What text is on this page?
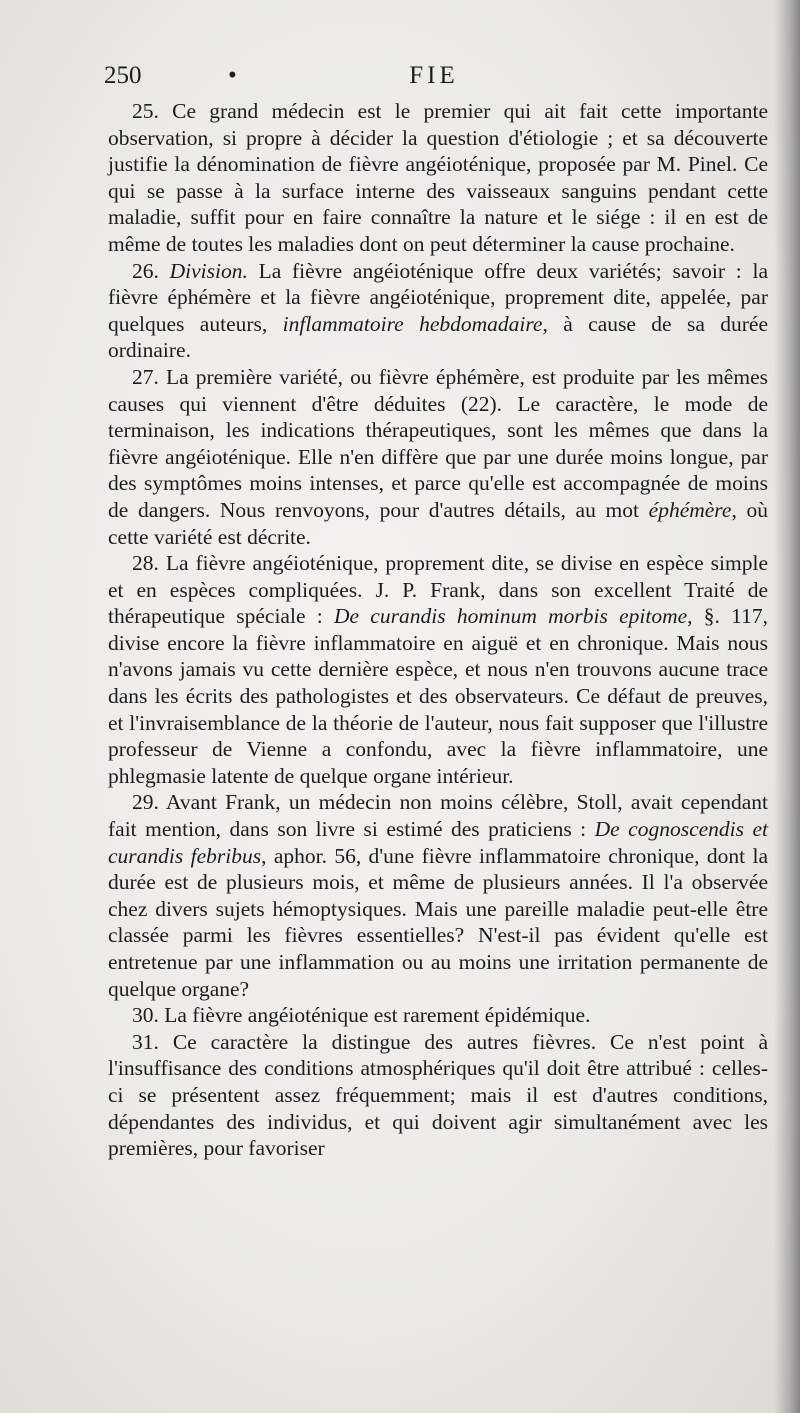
250	•	FIE

25. Ce grand médecin est le premier qui ait fait cette importante observation, si propre à décider la question d'étiologie ; et sa découverte justifie la dénomination de fièvre angéioténique, proposée par M. Pinel. Ce qui se passe à la surface interne des vaisseaux sanguins pendant cette maladie, suffit pour en faire connaître la nature et le siége : il en est de même de toutes les maladies dont on peut déterminer la cause prochaine.

26. Division. La fièvre angéioténique offre deux variétés; savoir : la fièvre éphémère et la fièvre angéioténique, proprement dite, appelée, par quelques auteurs, inflammatoire hebdomadaire, à cause de sa durée ordinaire.

27. La première variété, ou fièvre éphémère, est produite par les mêmes causes qui viennent d'être déduites (22). Le caractère, le mode de terminaison, les indications thérapeutiques, sont les mêmes que dans la fièvre angéioténique. Elle n'en diffère que par une durée moins longue, par des symptômes moins intenses, et parce qu'elle est accompagnée de moins de dangers. Nous renvoyons, pour d'autres détails, au mot éphémère, où cette variété est décrite.

28. La fièvre angéioténique, proprement dite, se divise en espèce simple et en espèces compliquées. J. P. Frank, dans son excellent Traité de thérapeutique spéciale : De curandis hominum morbis epitome, §. 117, divise encore la fièvre inflammatoire en aiguë et en chronique. Mais nous n'avons jamais vu cette dernière espèce, et nous n'en trouvons aucune trace dans les écrits des pathologistes et des observateurs. Ce défaut de preuves, et l'invraisemblance de la théorie de l'auteur, nous fait supposer que l'illustre professeur de Vienne a confondu, avec la fièvre inflammatoire, une phlegmasie latente de quelque organe intérieur.

29. Avant Frank, un médecin non moins célèbre, Stoll, avait cependant fait mention, dans son livre si estimé des praticiens : De cognoscendis et curandis febribus, aphor. 56, d'une fièvre inflammatoire chronique, dont la durée est de plusieurs mois, et même de plusieurs années. Il l'a observée chez divers sujets hémoptysiques. Mais une pareille maladie peut-elle être classée parmi les fièvres essentielles? N'est-il pas évident qu'elle est entretenue par une inflammation ou au moins une irritation permanente de quelque organe?

30. La fièvre angéioténique est rarement épidémique.

31. Ce caractère la distingue des autres fièvres. Ce n'est point à l'insuffisance des conditions atmosphériques qu'il doit être attribué : celles-ci se présentent assez fréquemment; mais il est d'autres conditions, dépendantes des individus, et qui doivent agir simultanément avec les premières, pour favoriser
